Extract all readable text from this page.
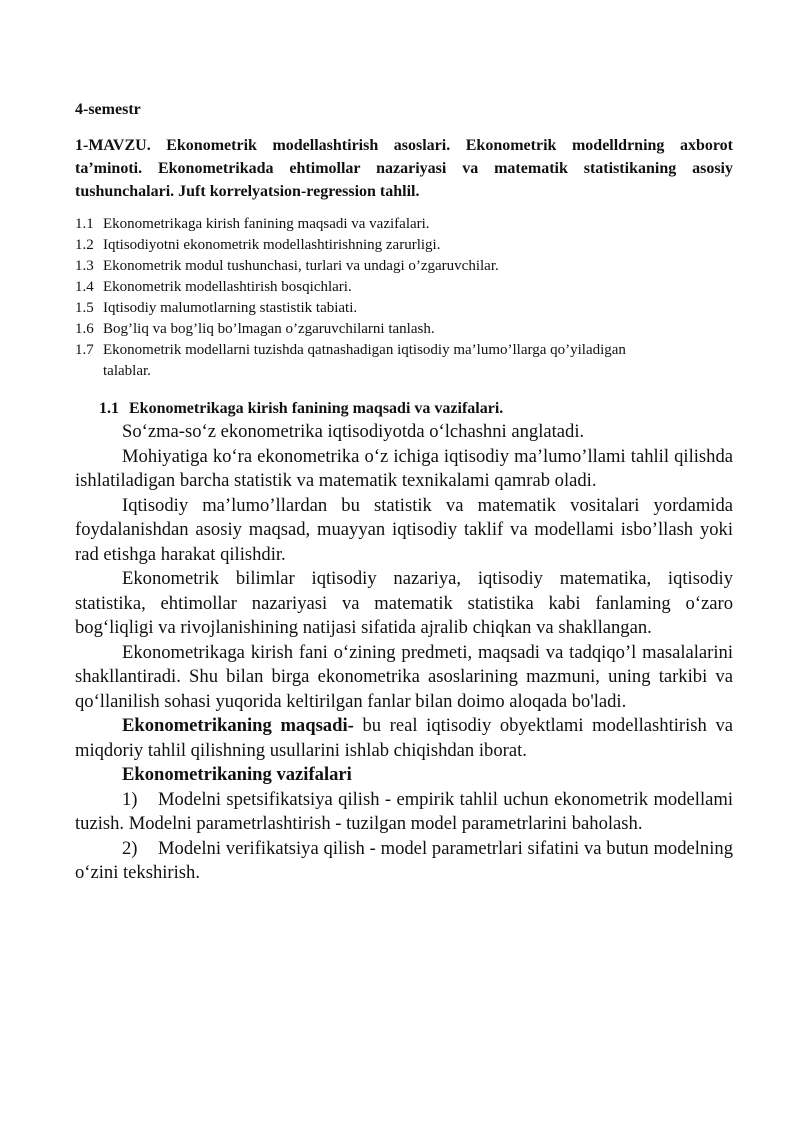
4-semestr
1-MAVZU. Ekonometrik modellashtirish asoslari. Ekonometrik modelldrning axborot ta’minoti. Ekonometrikada ehtimollar nazariyasi va matematik statistikaning asosiy tushunchalari. Juft korrelyatsion-regression tahlil.
1.1 Ekonometrikaga kirish fanining maqsadi va vazifalari.
1.2 Iqtisodiyotni ekonometrik modellashtirishning zarurligi.
1.3 Ekonometrik modul tushunchasi, turlari va undagi o’zgaruvchilar.
1.4 Ekonometrik modellashtirish bosqichlari.
1.5 Iqtisodiy malumotlarning stastistik tabiati.
1.6 Bog’liq va bog’liq bo’lmagan o’zgaruvchilarni tanlash.
1.7 Ekonometrik modellarni tuzishda qatnashadigan iqtisodiy ma’lumo’llarga qo’yiladigan talablar.
1.1 Ekonometrikaga kirish fanining maqsadi va vazifalari.

So‘zma-so‘z ekonometrika iqtisodiyotda o‘lchashni anglatadi.

Mohiyatiga ko‘ra ekonometrika o‘z ichiga iqtisodiy ma’lumo’llami tahlil qilishda ishlatiladigan barcha statistik va matematik texnikalami qamrab oladi.

Iqtisodiy ma’lumo’llardan bu statistik va matematik vositalari yordamida foydalanishdan asosiy maqsad, muayyan iqtisodiy taklif va modellami isbo’llash yoki rad etishga harakat qilishdir.

Ekonometrik bilimlar iqtisodiy nazariya, iqtisodiy matematika, iqtisodiy statistika, ehtimollar nazariyasi va matematik statistika kabi fanlaming o‘zaro bog‘liqligi va rivojlanishining natijasi sifatida ajralib chiqkan va shakllangan.

Ekonometrikaga kirish fani o‘zining predmeti, maqsadi va tadqiqo’l masalalarini shakllantiradi. Shu bilan birga ekonometrika asoslarining mazmuni, uning tarkibi va qo‘llanilish sohasi yuqorida keltirilgan fanlar bilan doimo aloqada bo'ladi.

Ekonometrikaning maqsadi- bu real iqtisodiy obyektlami modellashtirish va miqdoriy tahlil qilishning usullarini ishlab chiqishdan iborat.

Ekonometrikaning vazifalari

1) Modelni spetsifikatsiya qilish - empirik tahlil uchun ekonometrik modellami tuzish. Modelni parametrlashtirish - tuzilgan model parametrlarini baholash.

2) Modelni verifikatsiya qilish - model parametrlari sifatini va butun modelning o‘zini tekshirish.
